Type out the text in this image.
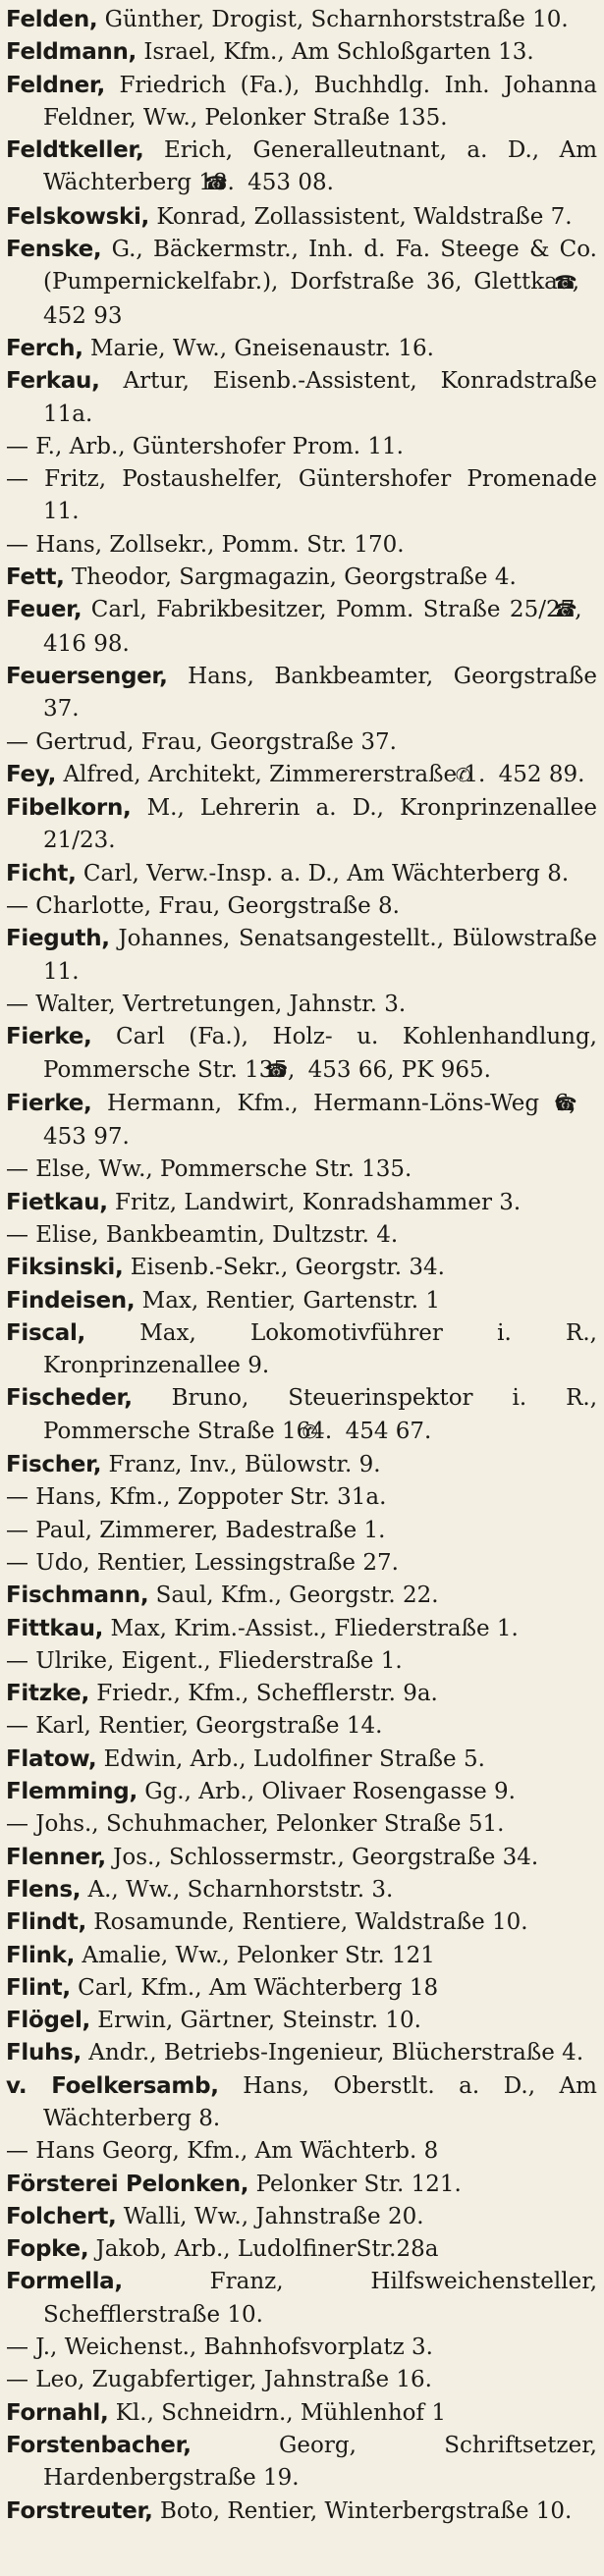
Felden, Günther, Drogist, Scharnhorststraße 10.

Feldmann, Israel, Kfm., Am Schloßgarten 13.

Feldner, Friedrich (Fa.), Buchhdlg. Inh. Johanna Feldner, Ww., Pelonker Straße 135.

Feldtkeller, Erich, Generalleutnant, a. D., Am Wächterberg 18. 453 08.

Felskowski, Konrad, Zollassistent, Waldstraße 7.

Fenske, G., Bäckermstr., Inh. d. Fa. Steege & Co. (Pumpernickelfabr.), Dorfstraße 36, Glettkau, 452 93

Ferch, Marie, Ww., Gneisenaustr. 16.

Ferkau, Artur, Eisenb.-Assistent, Konradstraße 11a.

— F., Arb., Güntershofer Prom. 11.

— Fritz, Postaushelfer, Güntershofer Promenade 11.

— Hans, Zollsekr., Pomm. Str. 170.

Fett, Theodor, Sargmagazin, Georgstraße 4.

Feuer, Carl, Fabrikbesitzer, Pomm. Straße 25/27, 416 98.

Feuersenger, Hans, Bankbeamter, Georgstraße 37.

— Gertrud, Frau, Georgstraße 37.

Fey, Alfred, Architekt, Zimmererstraße 1. 452 89.

Fibelkorn, M., Lehrerin a. D., Kronprinzenallee 21/23.

Ficht, Carl, Verw.-Insp. a. D., Am Wächterberg 8.

— Charlotte, Frau, Georgstraße 8.

Fieguth, Johannes, Senatsangestellt., Bülowstraße 11.

— Walter, Vertretungen, Jahnstr. 3.

Fierke, Carl (Fa.), Holz- u. Kohlenhandlung, Pommersche Str. 135, 453 66, PK 965.

Fierke, Hermann, Kfm., Hermann-Löns-Weg 6, 453 97.

— Else, Ww., Pommersche Str. 135.

Fietkau, Fritz, Landwirt, Konradshammer 3.

— Elise, Bankbeamtin, Dultzstr. 4.

Fiksinski, Eisenb.-Sekr., Georgstr. 34.

Findeisen, Max, Rentier, Gartenstr. 1

Fiscal, Max, Lokomotivführer i. R., Kronprinzenallee 9.

Fischeder, Bruno, Steuerinspektor i. R., Pommersche Straße 164. 454 67.

Fischer, Franz, Inv., Bülowstr. 9.

— Hans, Kfm., Zoppoter Str. 31a.

— Paul, Zimmerer, Badestraße 1.

— Udo, Rentier, Lessingstraße 27.

Fischmann, Saul, Kfm., Georgstr. 22.

Fittkau, Max, Krim.-Assist., Fliederstraße 1.

— Ulrike, Eigent., Fliederstraße 1.

Fitzke, Friedr., Kfm., Schefflerstr. 9a.

— Karl, Rentier, Georgstraße 14.

Flatow, Edwin, Arb., Ludolfiner Straße 5.

Flemming, Gg., Arb., Olivaer Rosengasse 9.

— Johs., Schuhmacher, Pelonker Straße 51.

Flenner, Jos., Schlossermstr., Georgstraße 34.

Flens, A., Ww., Scharnhorststr. 3.

Flindt, Rosamunde, Rentiere, Waldstraße 10.

Flink, Amalie, Ww., Pelonker Str. 121

Flint, Carl, Kfm., Am Wächterberg 18

Flögel, Erwin, Gärtner, Steinstr. 10.

Fluhs, Andr., Betriebs-Ingenieur, Blücherstraße 4.

v. Foelkersamb, Hans, Oberstlt. a. D., Am Wächterberg 8.

— Hans Georg, Kfm., Am Wächterb. 8

Försterei Pelonken, Pelonker Str. 121.

Folchert, Walli, Ww., Jahnstraße 20.

Fopke, Jakob, Arb., LudolfinerStr.28a

Formella,	Franz, Hilfsweichensteller, Schefflerstraße 10.

— J., Weichenst., Bahnhofsvorplatz 3.

— Leo, Zugabfertiger, Jahnstraße 16.

Fornahl, Kl., Schneidrn., Mühlenhof 1

Forstenbacher,	Georg, Schriftsetzer, Hardenbergstraße 19.

Forstreuter, Boto, Rentier, Winterbergstraße 10.
